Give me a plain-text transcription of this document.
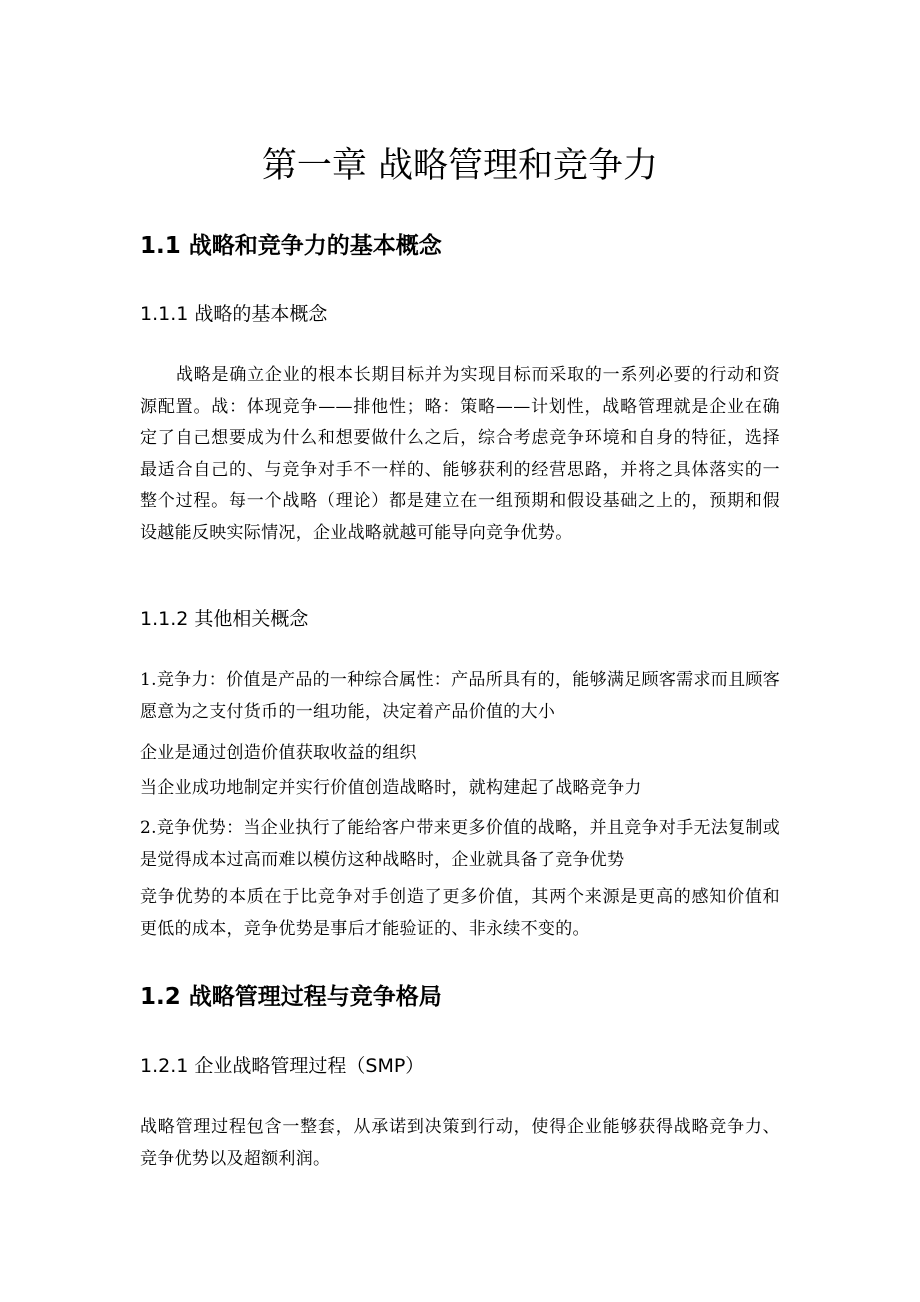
第一章 战略管理和竞争力
1.1 战略和竞争力的基本概念
1.1.1 战略的基本概念

战略是确立企业的根本长期目标并为实现目标而采取的一系列必要的行动和资源配置。战：体现竞争——排他性；略：策略——计划性，战略管理就是企业在确定了自己想要成为什么和想要做什么之后，综合考虑竞争环境和自身的特征，选择最适合自己的、与竞争对手不一样的、能够获利的经营思路，并将之具体落实的一整个过程。每一个战略（理论）都是建立在一组预期和假设基础之上的，预期和假设越能反映实际情况，企业战略就越可能导向竞争优势。

1.1.2 其他相关概念

1.竞争力：价值是产品的一种综合属性：产品所具有的，能够满足顾客需求而且顾客愿意为之支付货币的一组功能，决定着产品价值的大小

企业是通过创造价值获取收益的组织

当企业成功地制定并实行价值创造战略时，就构建起了战略竞争力

2.竞争优势：当企业执行了能给客户带来更多价值的战略，并且竞争对手无法复制或是觉得成本过高而难以模仿这种战略时，企业就具备了竞争优势

竞争优势的本质在于比竞争对手创造了更多价值，其两个来源是更高的感知价值和更低的成本，竞争优势是事后才能验证的、非永续不变的。

1.2 战略管理过程与竞争格局
1.2.1 企业战略管理过程（SMP）

战略管理过程包含一整套，从承诺到决策到行动，使得企业能够获得战略竞争力、竞争优势以及超额利润。
